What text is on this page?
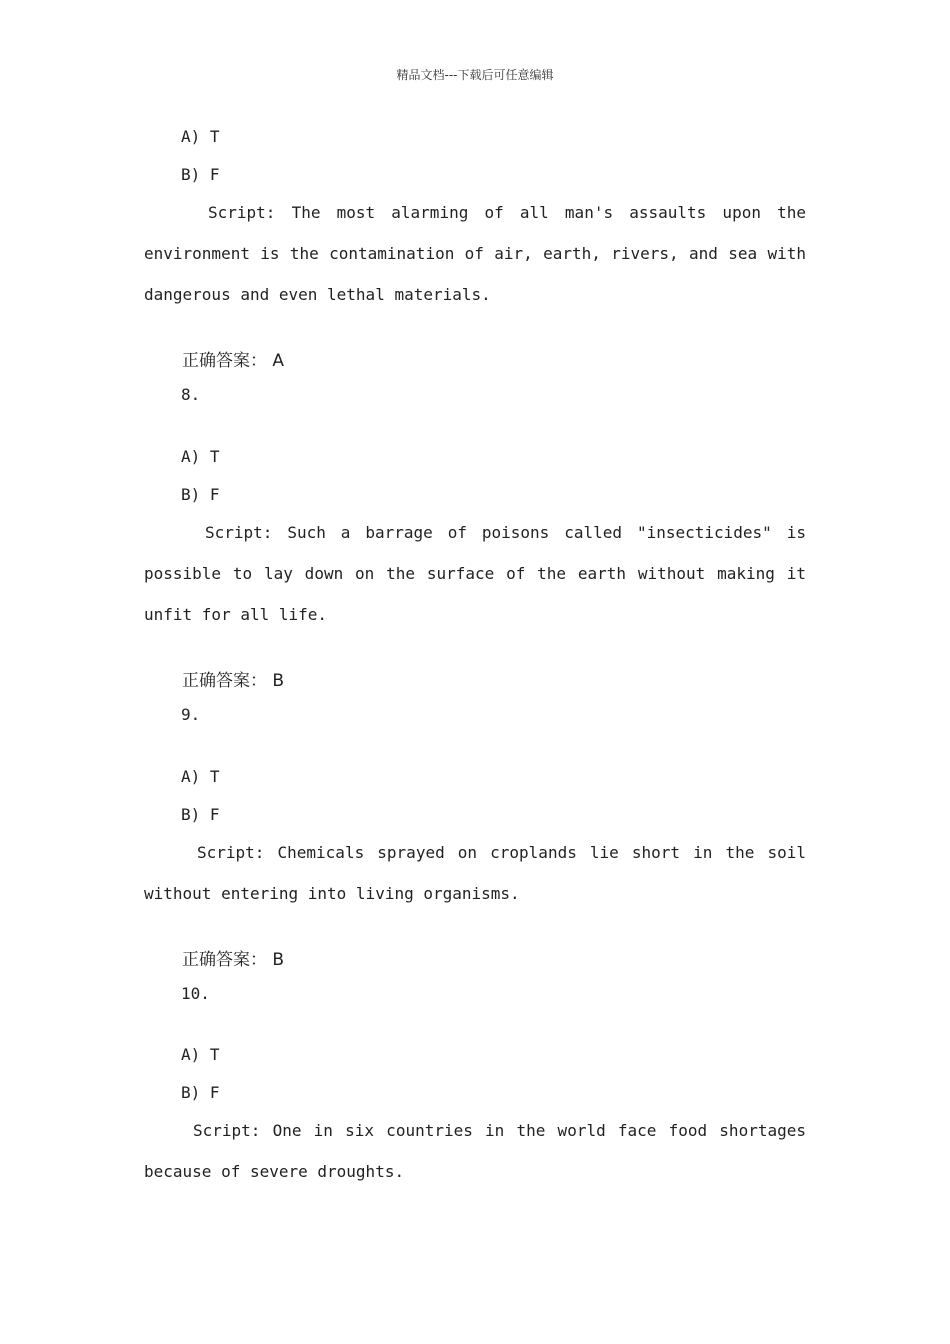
精品文档---下载后可任意编辑
A) T
B) F
Script: The most alarming of all man's assaults upon the
environment is the contamination of air, earth, rivers, and sea with
dangerous and even lethal materials.
正确答案： A
8.
A) T
B) F
Script: Such a barrage of poisons called "insecticides" is
possible to lay down on the surface of the earth without making it
unfit for all life.
正确答案： B
9.
A) T
B) F
Script: Chemicals sprayed on croplands lie short in the soil
without entering into living organisms.
正确答案： B
10.
A) T
B) F
Script: One in six countries in the world face food shortages
because of severe droughts.
